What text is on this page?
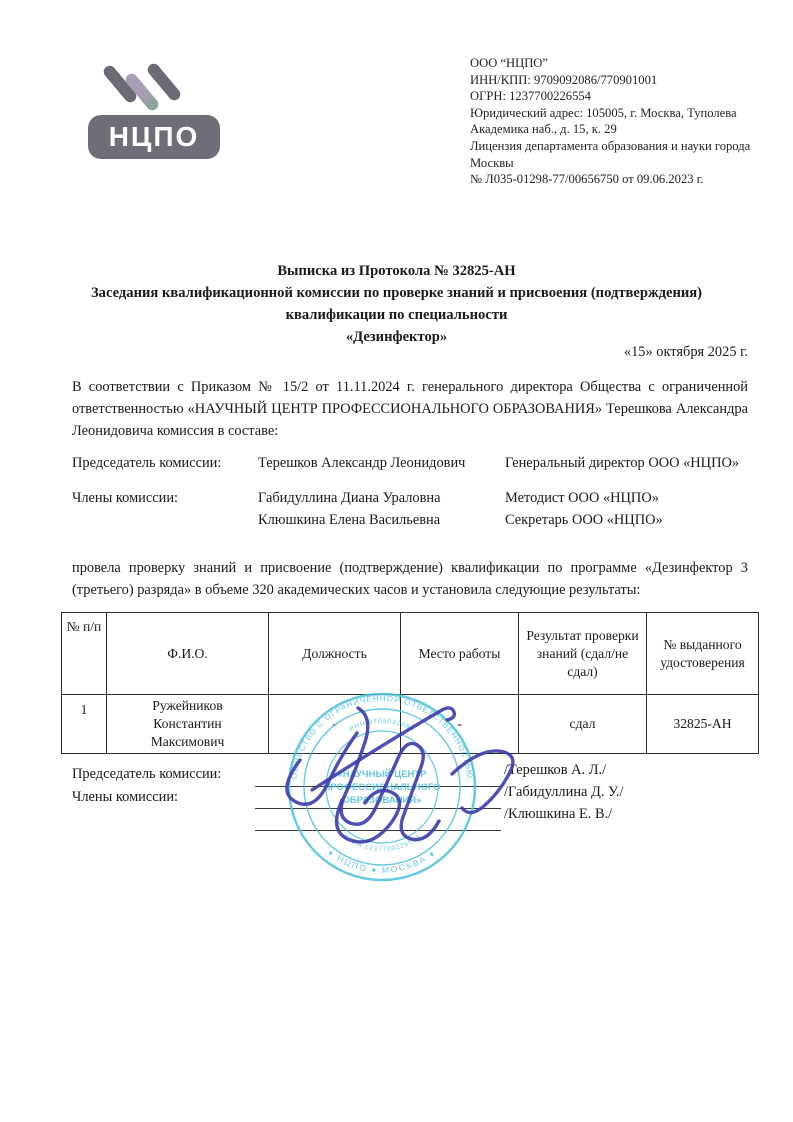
НЦПО
ООО “НЦПО”
ИНН/КПП: 9709092086/770901001
ОГРН: 1237700226554
Юридический адрес: 105005, г. Москва, Туполева
Академика наб., д. 15, к. 29
Лицензия департамента образования и науки города
Москвы
№ Л035-01298-77/00656750 от 09.06.2023 г.
Выписка из Протокола № 32825-АН
Заседания квалификационной комиссии по проверке знаний и присвоения (подтверждения)
квалификации по специальности
«Дезинфектор»
«15» октября 2025 г.
В соответствии с Приказом № 15/2 от 11.11.2024 г. генерального директора Общества с ограниченной ответственностью «НАУЧНЫЙ ЦЕНТР ПРОФЕССИОНАЛЬНОГО ОБРАЗОВАНИЯ» Терешкова Александра Леонидовича комиссия в составе:
Председатель комиссии:	Терешков Александр Леонидович	Генеральный директор ООО «НЦПО»
Члены комиссии:	Габидуллина Диана Ураловна	Методист ООО «НЦПО»
Клюшкина Елена Васильевна	Секретарь ООО «НЦПО»
провела проверку знаний и присвоение (подтверждение) квалификации по программе «Дезинфектор 3 (третьего) разряда» в объеме 320 академических часов и установила следующие результаты:
№ п/п	Ф.И.О.	Должность	Место работы	Результат проверки знаний (сдал/не сдал)	№ выданного удостоверения
1	Ружейников Константин Максимович	-	-	сдал	32825-АН
Председатель комиссии:
Члены комиссии:
/Терешков А. Л./
/Габидуллина Д. У./
/Клюшкина Е. В./
ОБЩЕСТВО С ОГРАНИЧЕННОЙ ОТВЕТСТВЕННОСТЬЮ
♦ НЦПО ♦ МОСКВА ♦
ИНН 9709092086
ОГРН 1237700226554
«НАУЧНЫЙ ЦЕНТР
ПРОФЕССИОНАЛЬНОГО
ОБРАЗОВАНИЯ»
